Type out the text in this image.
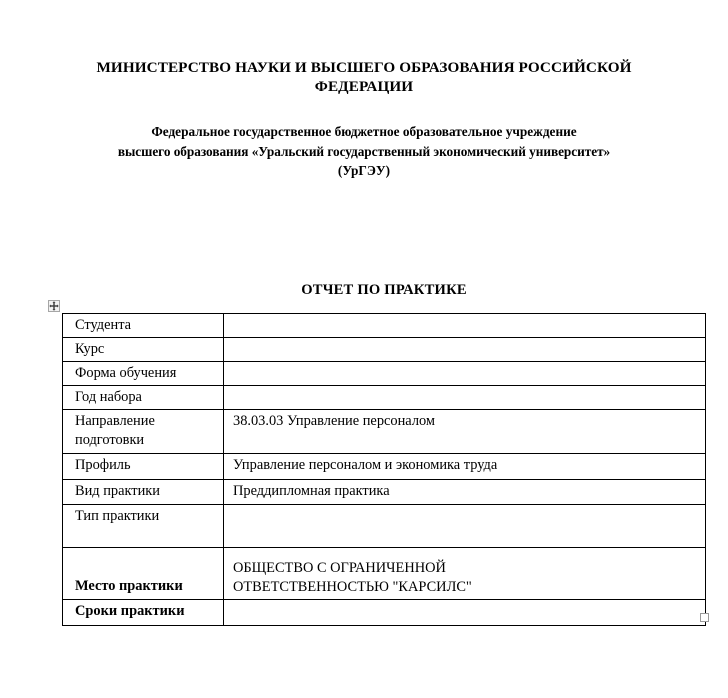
МИНИСТЕРСТВО НАУКИ И ВЫСШЕГО ОБРАЗОВАНИЯ РОССИЙСКОЙ ФЕДЕРАЦИИ
Федеральное государственное бюджетное образовательное учреждение
высшего образования «Уральский государственный экономический университет»
(УрГЭУ)
ОТЧЕТ ПО ПРАКТИКЕ
Студента	
Курс	
Форма обучения	
Год набора	
Направление подготовки	38.03.03 Управление персоналом
Профиль	Управление персоналом и экономика труда
Вид практики	Преддипломная практика
Тип практики	
Место практики	ОБЩЕСТВО С ОГРАНИЧЕННОЙ
ОТВЕТСТВЕННОСТЬЮ "КАРСИЛС"

Сроки практики	
